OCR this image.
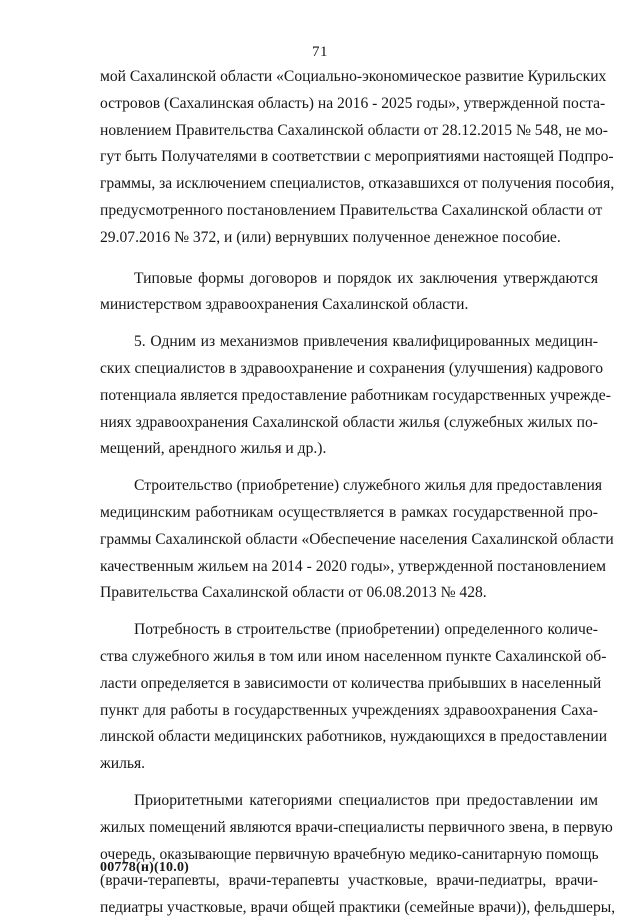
71
мой Сахалинской области «Социально-экономическое развитие Курильских
островов (Сахалинская область) на 2016 - 2025 годы», утвержденной поста-
новлением Правительства Сахалинской области от 28.12.2015 № 548, не мо-
гут быть Получателями в соответствии с мероприятиями настоящей Подпро-
граммы, за исключением специалистов, отказавшихся от получения пособия,
предусмотренного постановлением Правительства Сахалинской области от
29.07.2016 № 372, и (или) вернувших полученное денежное пособие.
Типовые формы договоров и порядок их заключения утверждаются
министерством здравоохранения Сахалинской области.
5. Одним из механизмов привлечения квалифицированных медицин-
ских специалистов в здравоохранение и сохранения (улучшения) кадрового
потенциала является предоставление работникам государственных учрежде-
ниях здравоохранения Сахалинской области жилья (служебных жилых по-
мещений, арендного жилья и др.).
Строительство (приобретение) служебного жилья для предоставления
медицинским работникам осуществляется в рамках государственной про-
граммы Сахалинской области «Обеспечение населения Сахалинской области
качественным жильем на 2014 - 2020 годы», утвержденной постановлением
Правительства Сахалинской области от 06.08.2013 № 428.
Потребность в строительстве (приобретении) определенного количе-
ства служебного жилья в том или ином населенном пункте Сахалинской об-
ласти определяется в зависимости от количества прибывших в населенный
пункт для работы в государственных учреждениях здравоохранения Саха-
линской области медицинских работников, нуждающихся в предоставлении
жилья.
Приоритетными категориями специалистов при предоставлении им
жилых помещений являются врачи-специалисты первичного звена, в первую
очередь, оказывающие первичную врачебную медико-санитарную помощь
(врачи-терапевты, врачи-терапевты участковые, врачи-педиатры, врачи-
педиатры участковые, врачи общей практики (семейные врачи)), фельдшеры,
00778(н)(10.0)
